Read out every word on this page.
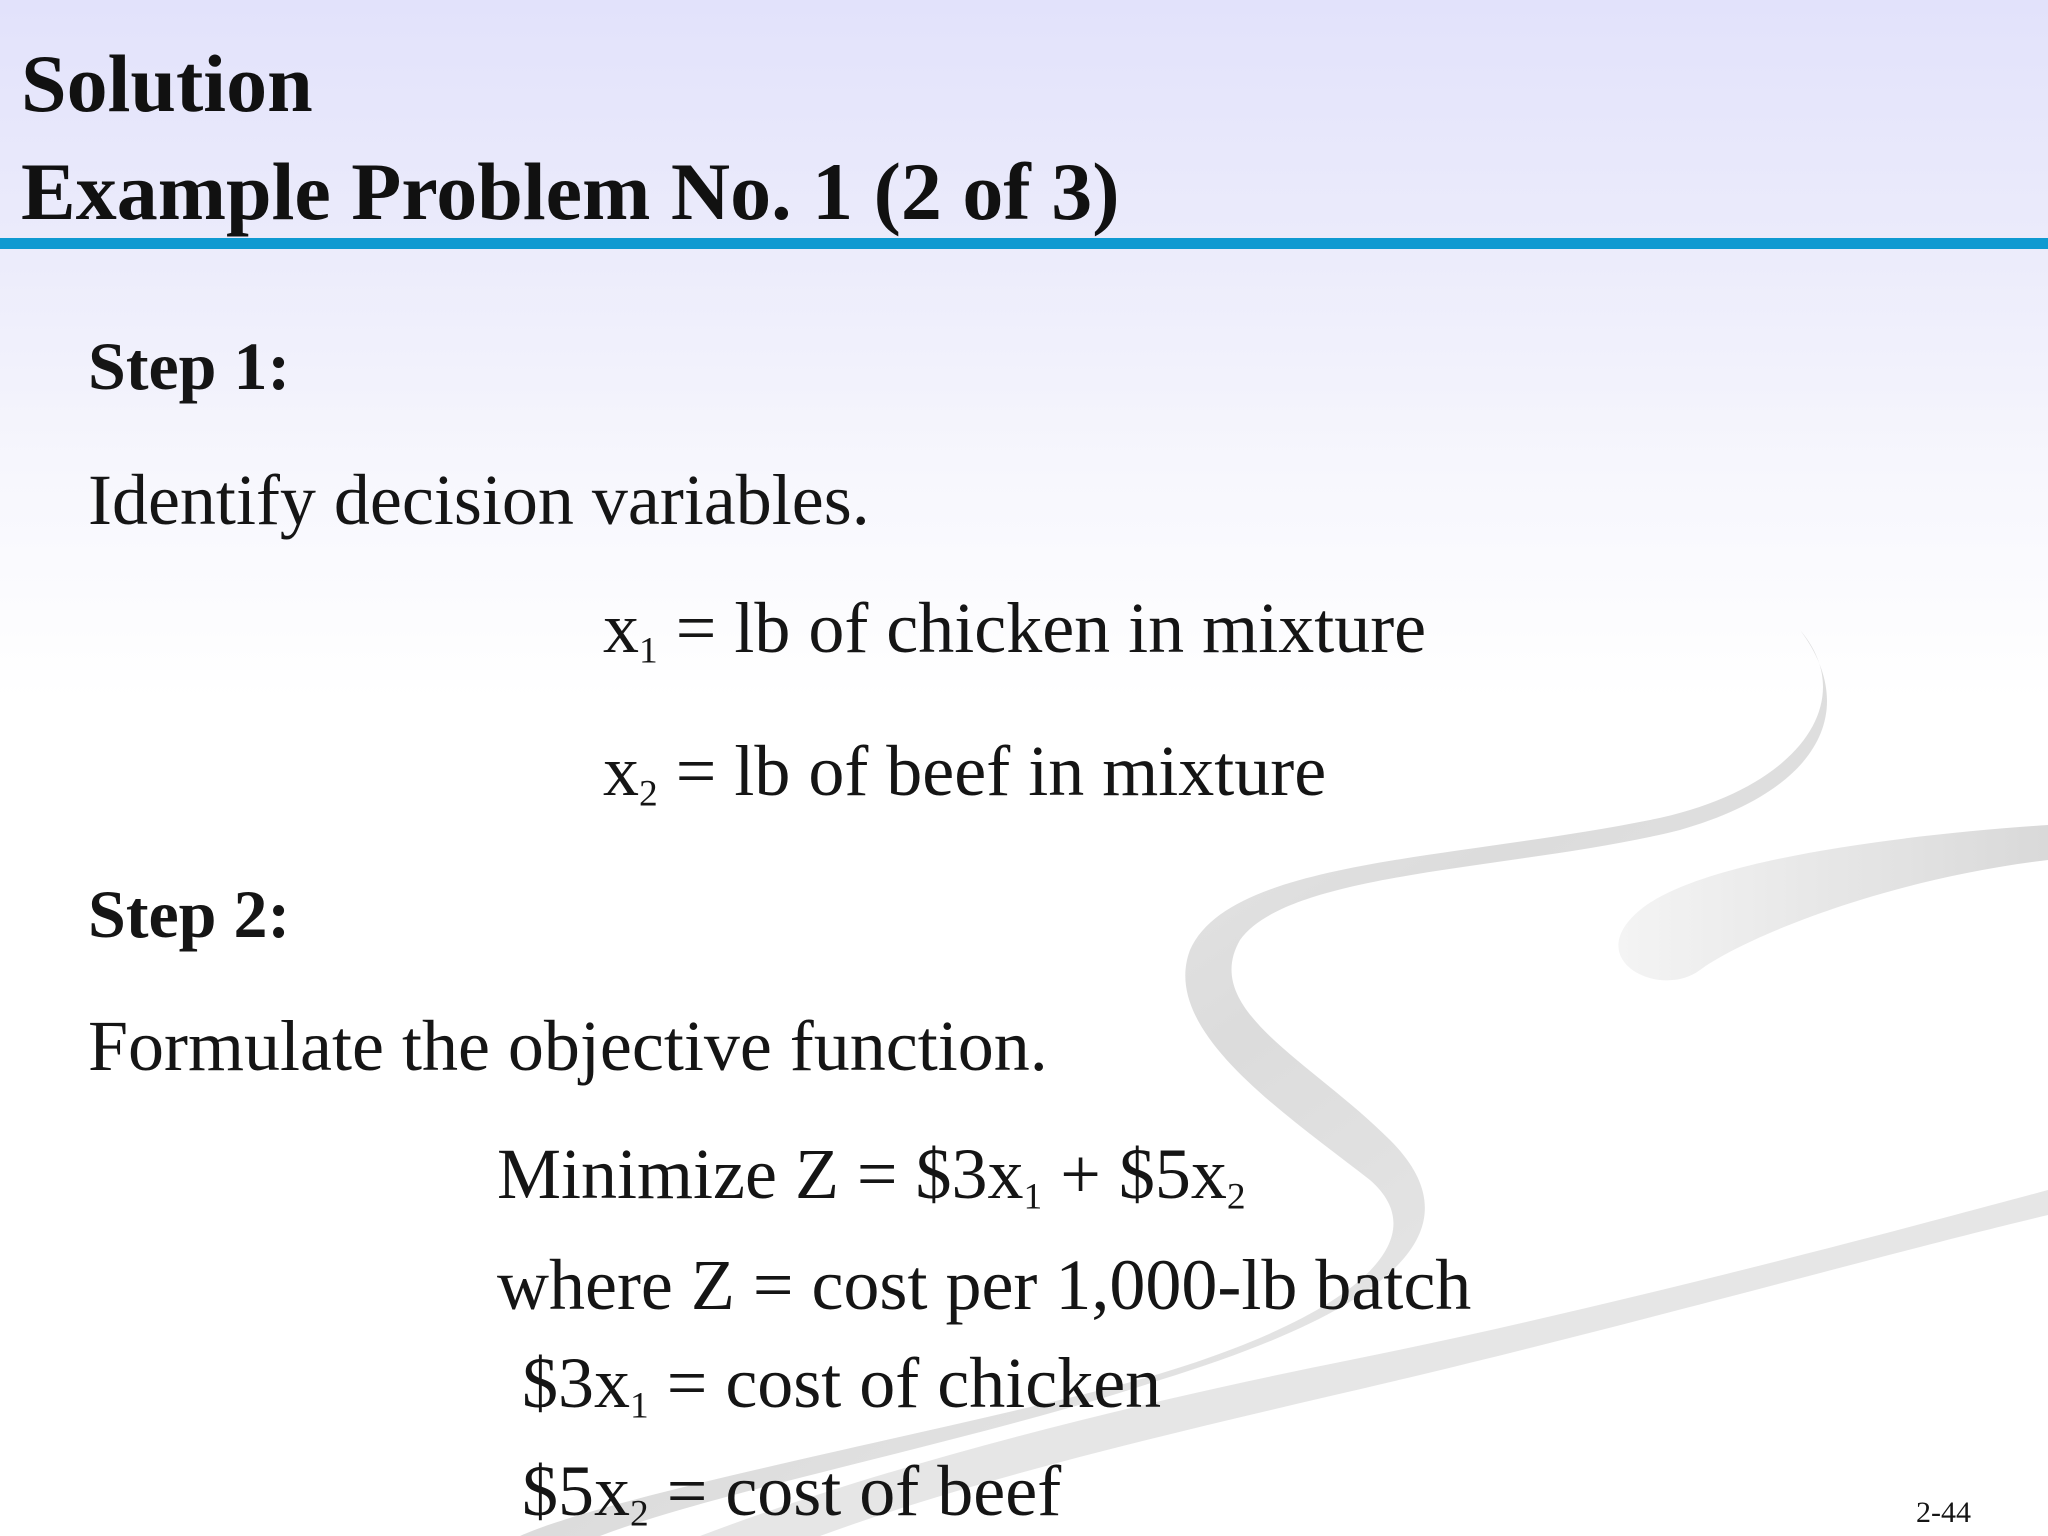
Solution
Example Problem No. 1 (2 of 3)
Step 1:
Identify decision variables.
$x_1$ = lb of chicken in mixture
$x_2$ = lb of beef in mixture
Step 2:
Formulate the objective function.
Minimize $Z = \$3x_1$ + $\$5x_2$
where Z = cost per 1,000-lb batch
$\$3x_1 = \cos t$ of chicken
$\$5x_2 = \cos t$ of beef	2-44
